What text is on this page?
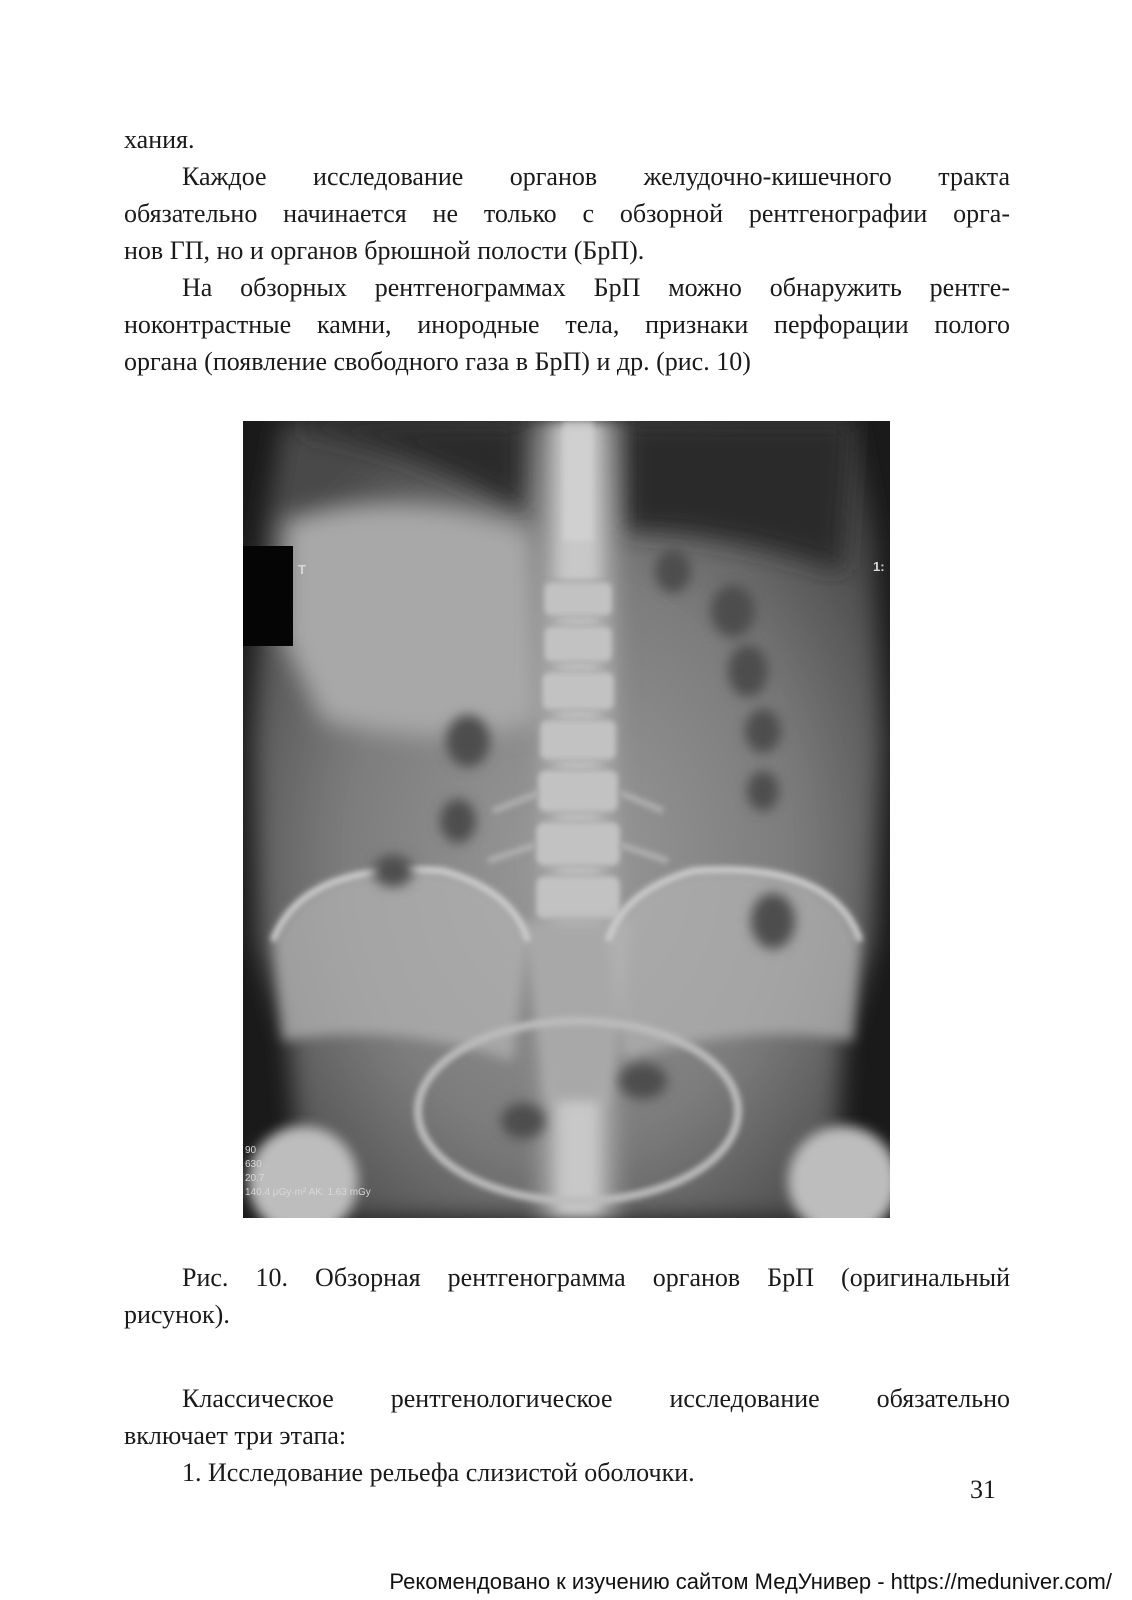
хания.

Каждое исследование органов желудочно-кишечного тракта
обязательно начинается не только с обзорной рентгенографии орга-
нов ГП, но и органов брюшной полости (БрП).

На обзорных рентгенограммах БрП можно обнаружить рентге-
ноконтрастные камни, инородные тела, признаки перфорации полого
органа (появление свободного газа в БрП) и др. (рис. 10)

T	1:
90
630
20.7
140.4 μGy·m² AK: 1.63 mGy

Рис. 10. Обзорная рентгенограмма органов БрП (оригинальный
рисунок).

Классическое рентгенологическое исследование обязательно
включает три этапа:

1. Исследование рельефа слизистой оболочки.

31
Рекомендовано к изучению сайтом МедУнивер - https://meduniver.com/
